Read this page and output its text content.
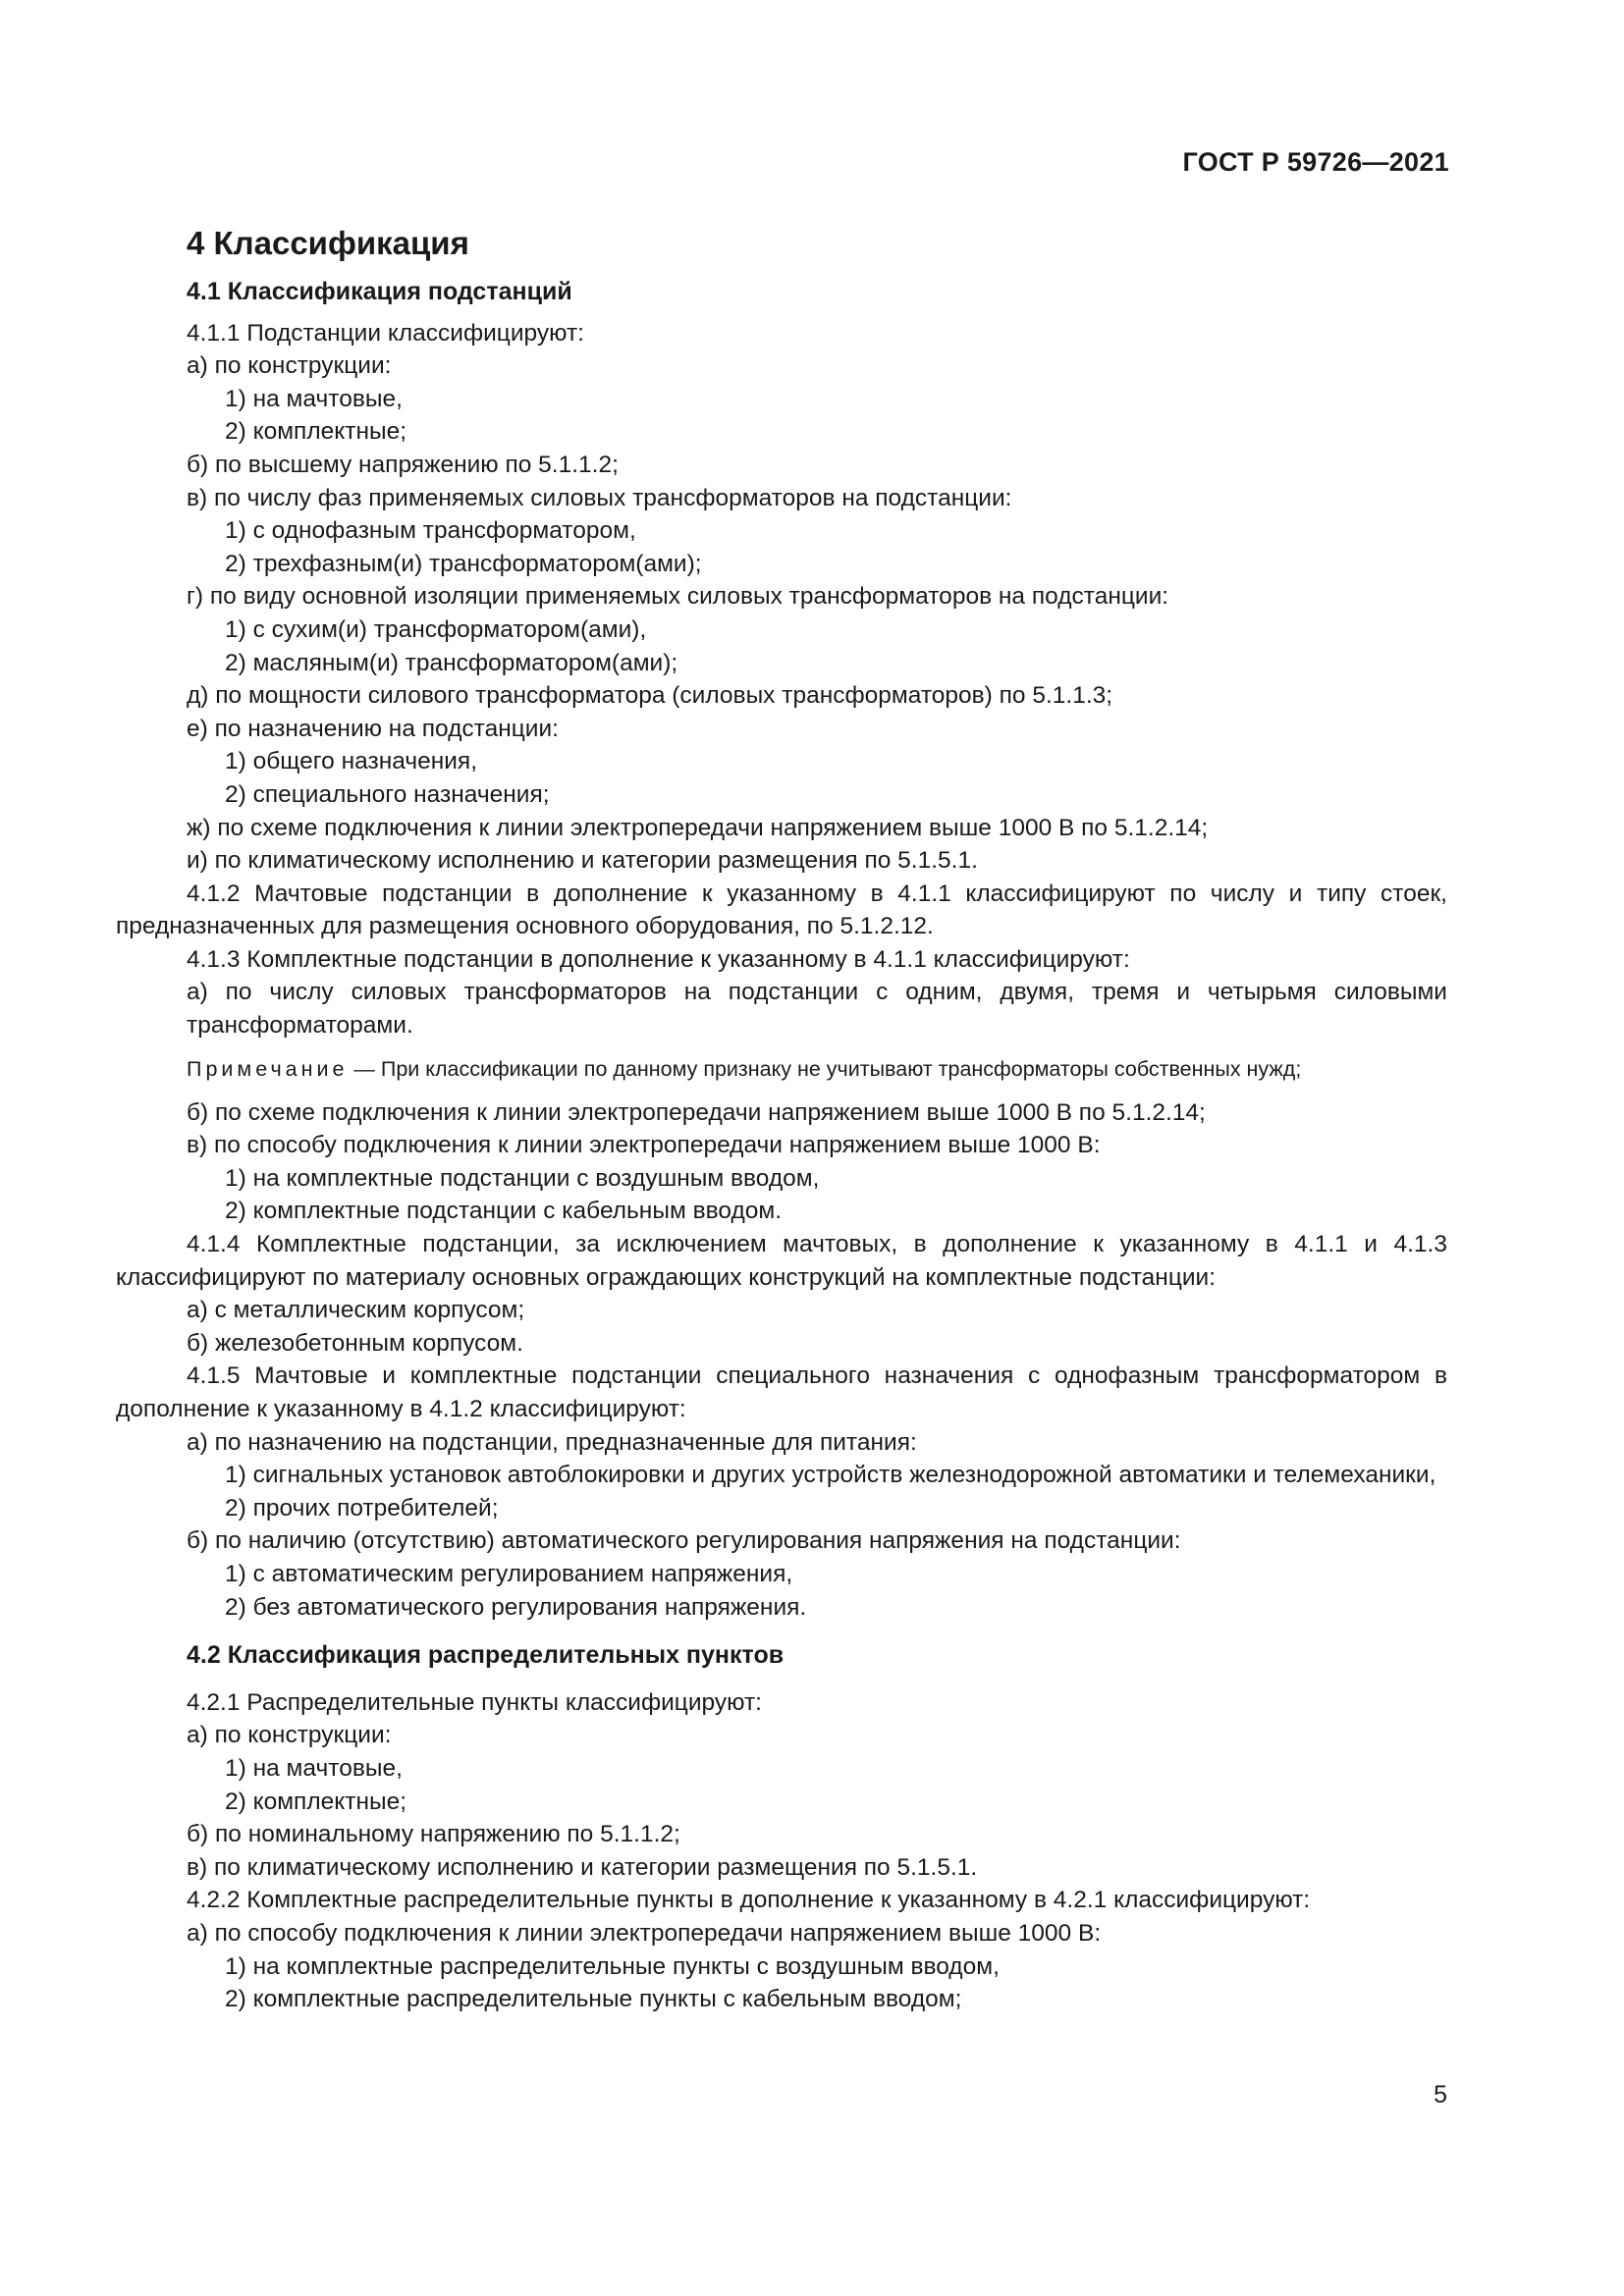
ГОСТ Р 59726—2021
4 Классификация
4.1 Классификация подстанций
4.1.1 Подстанции классифицируют:
а) по конструкции:
1) на мачтовые,
2) комплектные;
б) по высшему напряжению по 5.1.1.2;
в) по числу фаз применяемых силовых трансформаторов на подстанции:
1) с однофазным трансформатором,
2) трехфазным(и) трансформатором(ами);
г) по виду основной изоляции применяемых силовых трансформаторов на подстанции:
1) с сухим(и) трансформатором(ами),
2) масляным(и) трансформатором(ами);
д) по мощности силового трансформатора (силовых трансформаторов) по 5.1.1.3;
е) по назначению на подстанции:
1) общего назначения,
2) специального назначения;
ж) по схеме подключения к линии электропередачи напряжением выше 1000 В по 5.1.2.14;
и) по климатическому исполнению и категории размещения по 5.1.5.1.
4.1.2 Мачтовые подстанции в дополнение к указанному в 4.1.1 классифицируют по числу и типу стоек, предназначенных для размещения основного оборудования, по 5.1.2.12.
4.1.3 Комплектные подстанции в дополнение к указанному в 4.1.1 классифицируют:
а) по числу силовых трансформаторов на подстанции с одним, двумя, тремя и четырьмя силовыми трансформаторами.
Примечание — При классификации по данному признаку не учитывают трансформаторы собственных нужд;
б) по схеме подключения к линии электропередачи напряжением выше 1000 В по 5.1.2.14;
в) по способу подключения к линии электропередачи напряжением выше 1000 В:
1) на комплектные подстанции с воздушным вводом,
2) комплектные подстанции с кабельным вводом.
4.1.4 Комплектные подстанции, за исключением мачтовых, в дополнение к указанному в 4.1.1 и 4.1.3 классифицируют по материалу основных ограждающих конструкций на комплектные подстанции:
а) с металлическим корпусом;
б) железобетонным корпусом.
4.1.5 Мачтовые и комплектные подстанции специального назначения с однофазным трансформатором в дополнение к указанному в 4.1.2 классифицируют:
а) по назначению на подстанции, предназначенные для питания:
1) сигнальных установок автоблокировки и других устройств железнодорожной автоматики и телемеханики,
2) прочих потребителей;
б) по наличию (отсутствию) автоматического регулирования напряжения на подстанции:
1) с автоматическим регулированием напряжения,
2) без автоматического регулирования напряжения.
4.2 Классификация распределительных пунктов
4.2.1 Распределительные пункты классифицируют:
а) по конструкции:
1) на мачтовые,
2) комплектные;
б) по номинальному напряжению по 5.1.1.2;
в) по климатическому исполнению и категории размещения по 5.1.5.1.
4.2.2 Комплектные распределительные пункты в дополнение к указанному в 4.2.1 классифицируют:
а) по способу подключения к линии электропередачи напряжением выше 1000 В:
1) на комплектные распределительные пункты с воздушным вводом,
2) комплектные распределительные пункты с кабельным вводом;
5
